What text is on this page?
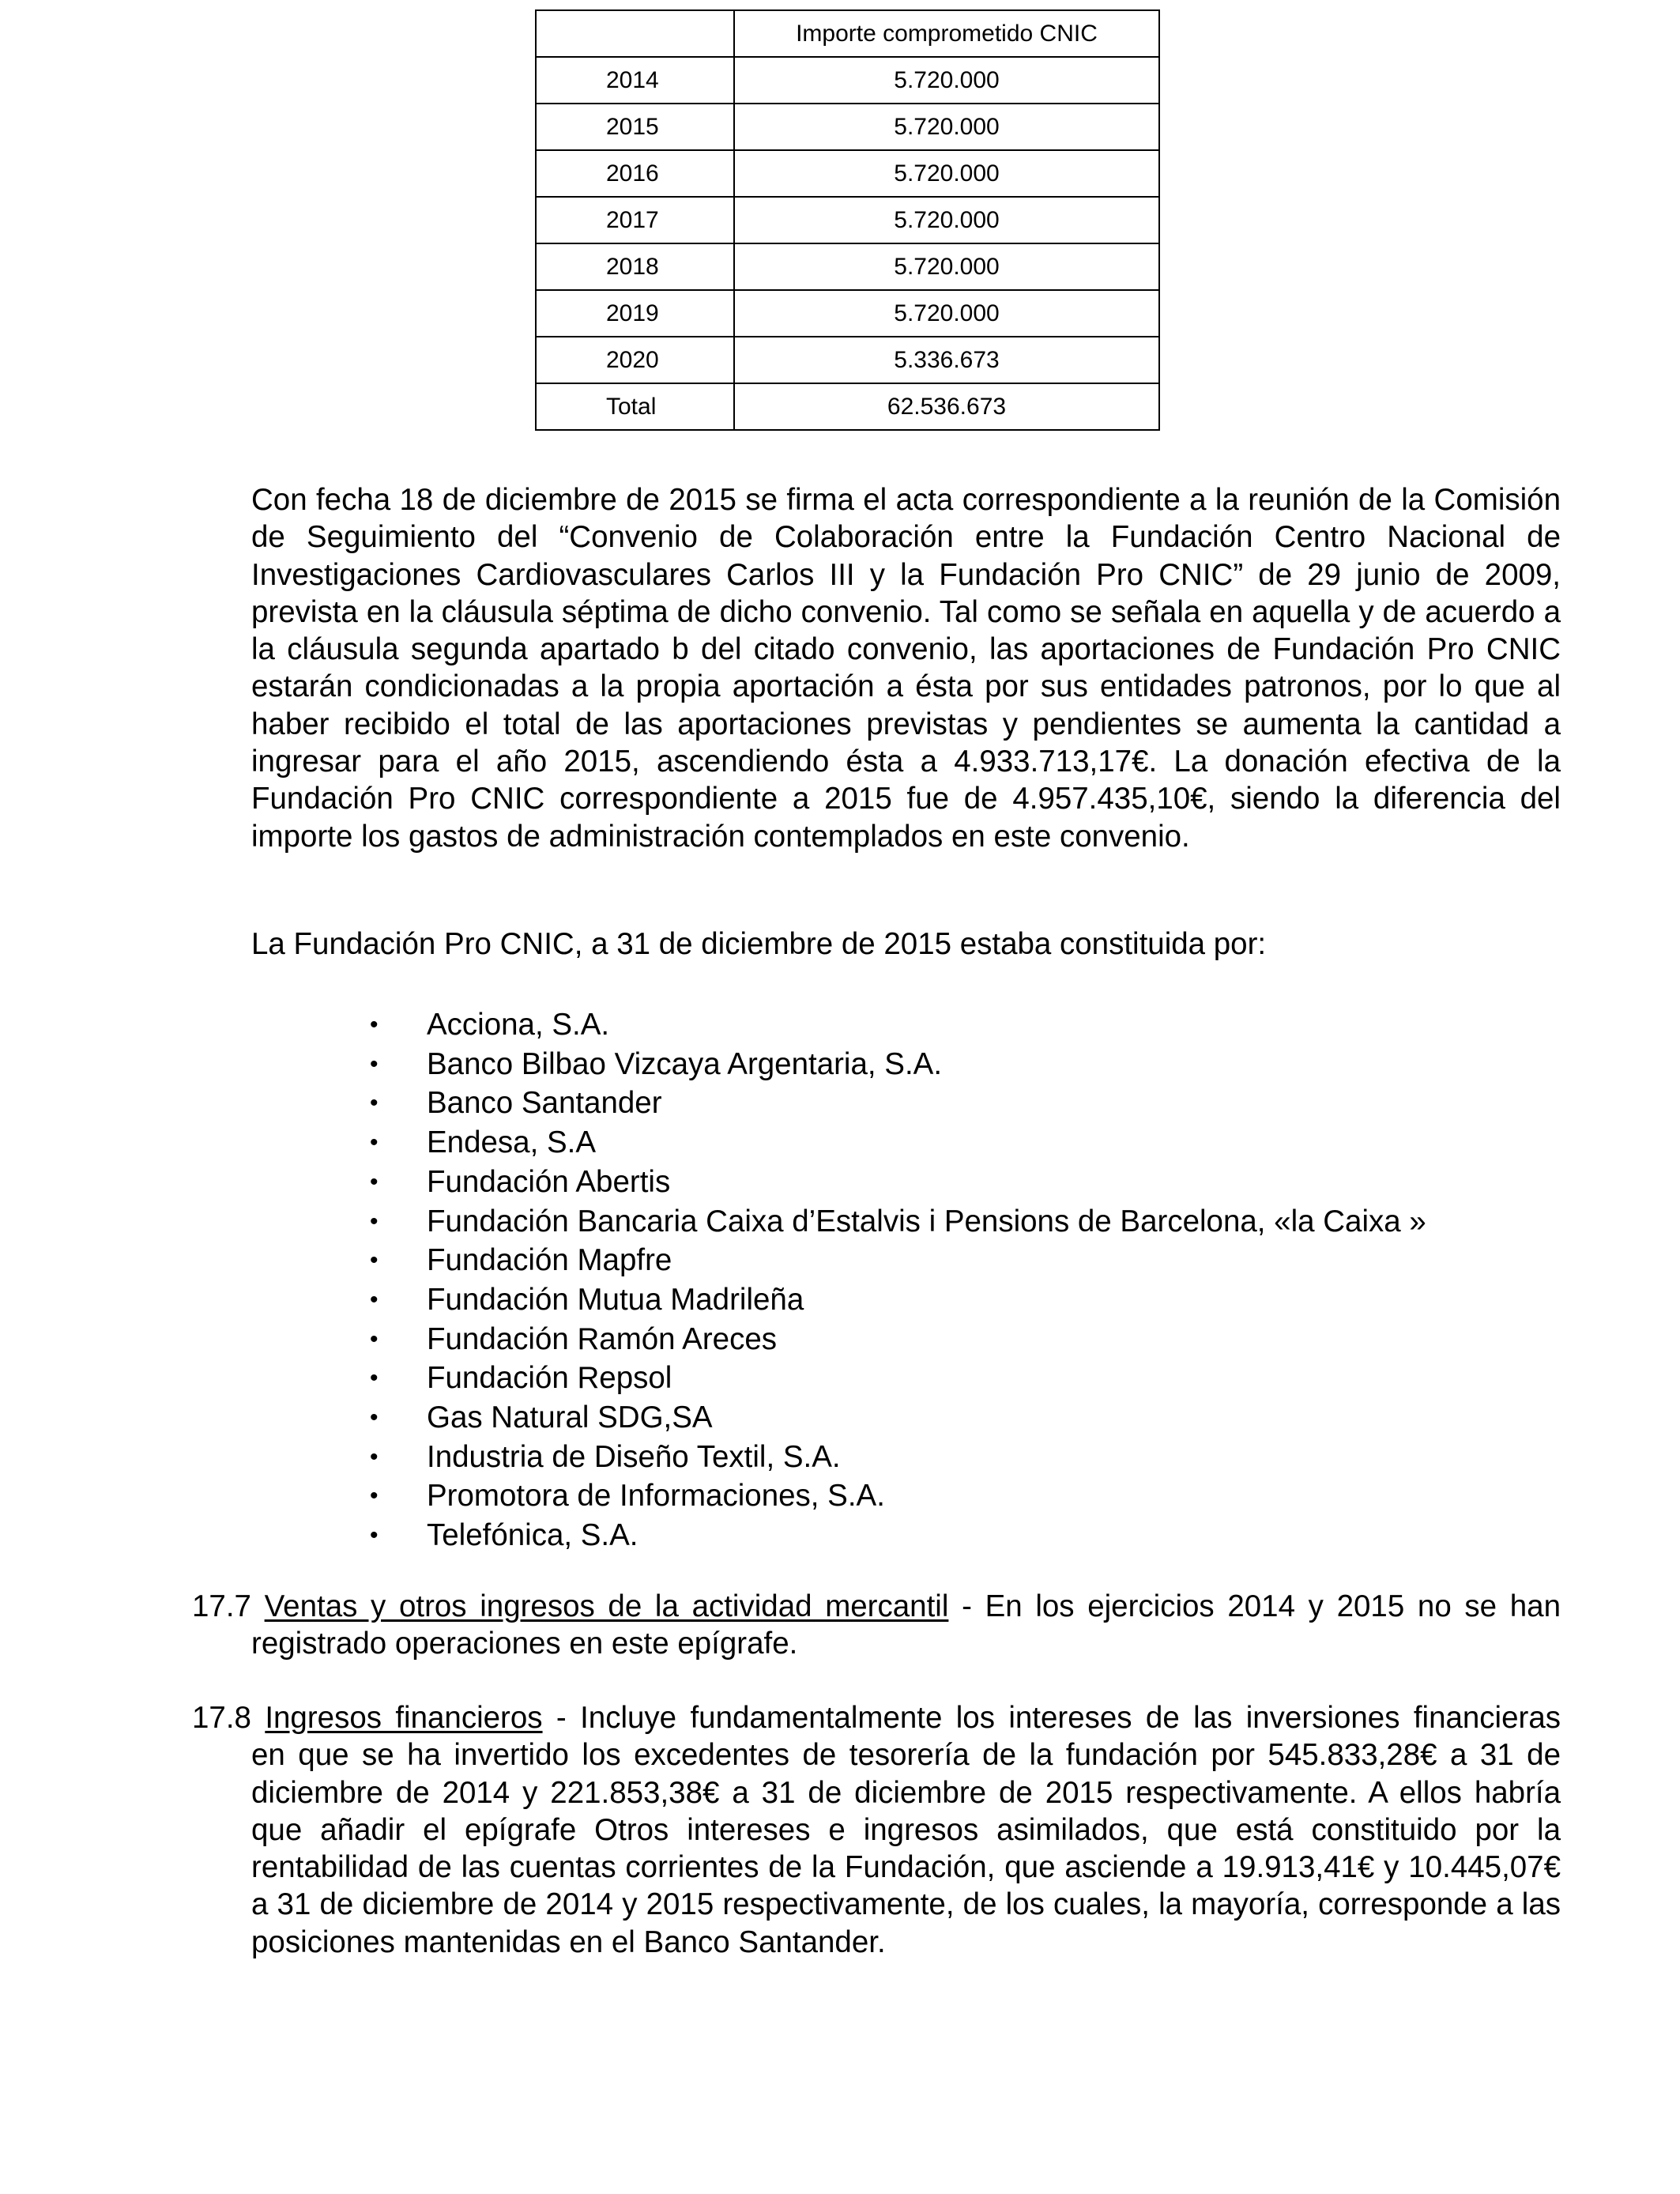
	Importe comprometido CNIC
2014	5.720.000
2015	5.720.000
2016	5.720.000
2017	5.720.000
2018	5.720.000
2019	5.720.000
2020	5.336.673
Total	62.536.673

Con fecha 18 de diciembre de 2015 se firma el acta correspondiente a la reunión de la Comisión de Seguimiento del “Convenio de Colaboración entre la Fundación Centro Nacional de Investigaciones Cardiovasculares Carlos III y la Fundación Pro CNIC” de 29 junio de 2009, prevista en la cláusula séptima de dicho convenio. Tal como se señala en aquella y de acuerdo a la cláusula segunda apartado b del citado convenio, las aportaciones de Fundación Pro CNIC estarán condicionadas a la propia aportación a ésta por sus entidades patronos, por lo que al haber recibido el total de las aportaciones previstas y pendientes se aumenta la cantidad a ingresar para el año 2015, ascendiendo ésta a 4.933.713,17€. La donación efectiva de la Fundación Pro CNIC correspondiente a 2015 fue de 4.957.435,10€, siendo la diferencia del importe los gastos de administración contemplados en este convenio.

La Fundación Pro CNIC, a 31 de diciembre de 2015 estaba constituida por:

• Acciona, S.A.
• Banco Bilbao Vizcaya Argentaria, S.A.
• Banco Santander
• Endesa, S.A
• Fundación Abertis
• Fundación Bancaria Caixa d’Estalvis i Pensions de Barcelona, «la Caixa »
• Fundación Mapfre
• Fundación Mutua Madrileña
• Fundación Ramón Areces
• Fundación Repsol
• Gas Natural SDG,SA
• Industria de Diseño Textil, S.A.
• Promotora de Informaciones, S.A.
• Telefónica, S.A.
17.7 Ventas y otros ingresos de la actividad mercantil - En los ejercicios 2014 y 2015 no se han
registrado operaciones en este epígrafe.
17.8 Ingresos financieros - Incluye fundamentalmente los intereses de las inversiones financieras
en que se ha invertido los excedentes de tesorería de la fundación por 545.833,28€ a 31 de diciembre de 2014 y 221.853,38€ a 31 de diciembre de 2015 respectivamente. A ellos habría que añadir el epígrafe Otros intereses e ingresos asimilados, que está constituido por la rentabilidad de las cuentas corrientes de la Fundación, que asciende a 19.913,41€ y 10.445,07€ a 31 de diciembre de 2014 y 2015 respectivamente, de los cuales, la mayoría, corresponde a las posiciones mantenidas en el Banco Santander.
